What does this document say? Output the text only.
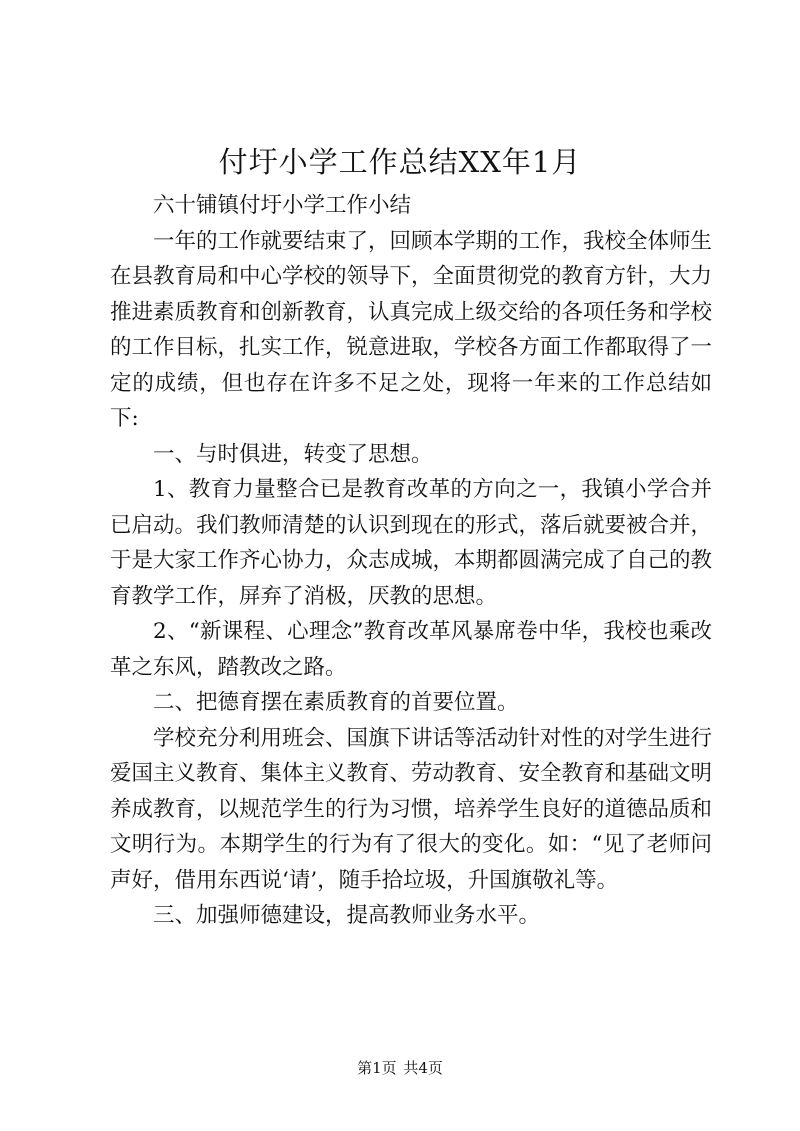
付圩小学工作总结XX年1月

六十铺镇付圩小学工作小结

一年的工作就要结束了，回顾本学期的工作，我校全体师生在县教育局和中心学校的领导下，全面贯彻党的教育方针，大力推进素质教育和创新教育，认真完成上级交给的各项任务和学校的工作目标，扎实工作，锐意进取，学校各方面工作都取得了一定的成绩，但也存在许多不足之处，现将一年来的工作总结如下:

一、与时俱进，转变了思想。

1、教育力量整合已是教育改革的方向之一，我镇小学合并已启动。我们教师清楚的认识到现在的形式，落后就要被合并，于是大家工作齐心协力，众志成城，本期都圆满完成了自己的教育教学工作，屏弃了消极，厌教的思想。

2、“新课程、心理念”教育改革风暴席卷中华，我校也乘改革之东风，踏教改之路。

二、把德育摆在素质教育的首要位置。

学校充分利用班会、国旗下讲话等活动针对性的对学生进行爱国主义教育、集体主义教育、劳动教育、安全教育和基础文明养成教育，以规范学生的行为习惯，培养学生良好的道德品质和文明行为。本期学生的行为有了很大的变化。如：“见了老师问声好，借用东西说‘请’，随手拾垃圾，升国旗敬礼等。

三、加强师德建设，提高教师业务水平。

第1页 共4页
